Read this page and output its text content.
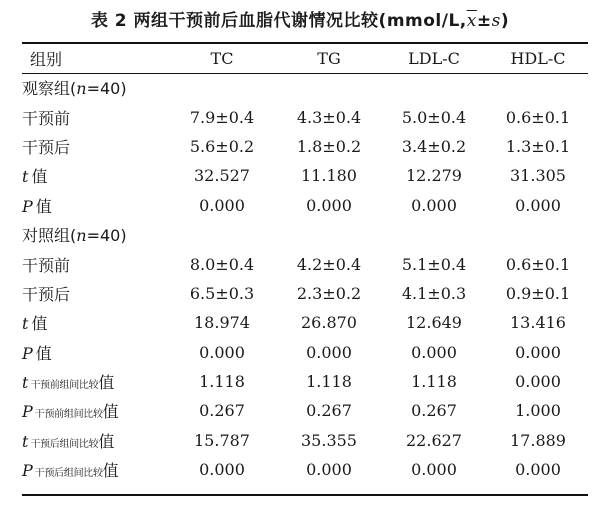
表 2 两组干预前后血脂代谢情况比较$(mmol/L,\overline{x}\pm s)$
组别	TC	TG	LDL-C	HDL-C
观察组(n=40)				
干预前	7.9±0.4	4.3±0.4	5.0±0.4	0.6±0.1
干预后	5.6±0.2	1.8±0.2	3.4±0.2	1.3±0.1
t 值	32.527	11.180	12.279	31.305
P 值	0.000	0.000	0.000	0.000
对照组(n=40)				
干预前	8.0±0.4	4.2±0.4	5.1±0.4	0.6±0.1
干预后	6.5±0.3	2.3±0.2	4.1±0.3	0.9±0.1
t 值	18.974	26.870	12.649	13.416
P 值	0.000	0.000	0.000	0.000
t 干预前组间比较值	1.118	1.118	1.118	0.000
P 干预前组间比较值	0.267	0.267	0.267	1.000
t 干预后组间比较值	15.787	35.355	22.627	17.889
P 干预后组间比较值	0.000	0.000	0.000	0.000
